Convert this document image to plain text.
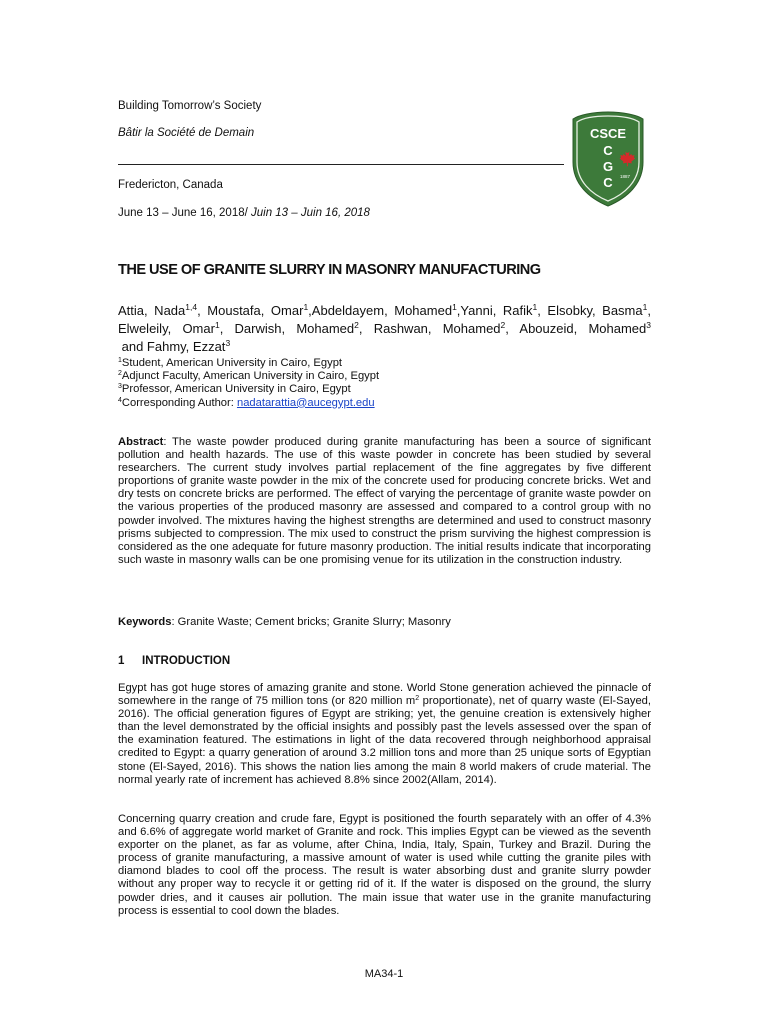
Building Tomorrow’s Society
Bâtir la Société de Demain
Fredericton, Canada
June 13 – June 16, 2018/ Juin 13 – Juin 16, 2018
CSCE
C
G
C 1887
THE USE OF GRANITE SLURRY IN MASONRY MANUFACTURING
Attia, Nada$^{1,4}$, Moustafa, Omar$^1$,Abdeldayem, Mohamed$^1$,Yanni, Rafik$^1$, Elsobky, Basma$^1$, Elweleily, Omar$^1$, Darwish, Mohamed$^2$, Rashwan, Mohamed$^2$, Abouzeid, Mohamed$^3$ and Fahmy, Ezzat$^3$
$^1$Student, American University in Cairo, Egypt
$^2$Adjunct Faculty, American University in Cairo, Egypt
$^3$Professor, American University in Cairo, Egypt
$^4$Corresponding Author: nadatarattia@aucegypt.edu
Abstract: The waste powder produced during granite manufacturing has been a source of significant pollution and health hazards. The use of this waste powder in concrete has been studied by several researchers. The current study involves partial replacement of the fine aggregates by five different proportions of granite waste powder in the mix of the concrete used for producing concrete bricks. Wet and dry tests on concrete bricks are performed. The effect of varying the percentage of granite waste powder on the various properties of the produced masonry are assessed and compared to a control group with no powder involved. The mixtures having the highest strengths are determined and used to construct masonry prisms subjected to compression. The mix used to construct the prism surviving the highest compression is considered as the one adequate for future masonry production. The initial results indicate that incorporating such waste in masonry walls can be one promising venue for its utilization in the construction industry.
Keywords: Granite Waste; Cement bricks; Granite Slurry; Masonry
1 INTRODUCTION
Egypt has got huge stores of amazing granite and stone. World Stone generation achieved the pinnacle of somewhere in the range of 75 million tons (or 820 million $m^2$ proportionate), net of quarry waste (El-Sayed, 2016). The official generation figures of Egypt are striking; yet, the genuine creation is extensively higher than the level demonstrated by the official insights and possibly past the levels assessed over the span of the examination featured. The estimations in light of the data recovered through neighborhood appraisal credited to Egypt: a quarry generation of around 3.2 million tons and more than 25 unique sorts of Egyptian stone (El-Sayed, 2016). This shows the nation lies among the main 8 world makers of crude material. The normal yearly rate of increment has achieved 8.8% since 2002(Allam, 2014).
Concerning quarry creation and crude fare, Egypt is positioned the fourth separately with an offer of 4.3% and 6.6% of aggregate world market of Granite and rock. This implies Egypt can be viewed as the seventh exporter on the planet, as far as volume, after China, India, Italy, Spain, Turkey and Brazil. During the process of granite manufacturing, a massive amount of water is used while cutting the granite piles with diamond blades to cool off the process. The result is water absorbing dust and granite slurry powder without any proper way to recycle it or getting rid of it. If the water is disposed on the ground, the slurry powder dries, and it causes air pollution. The main issue that water use in the granite manufacturing process is essential to cool down the blades.
MA34-1
